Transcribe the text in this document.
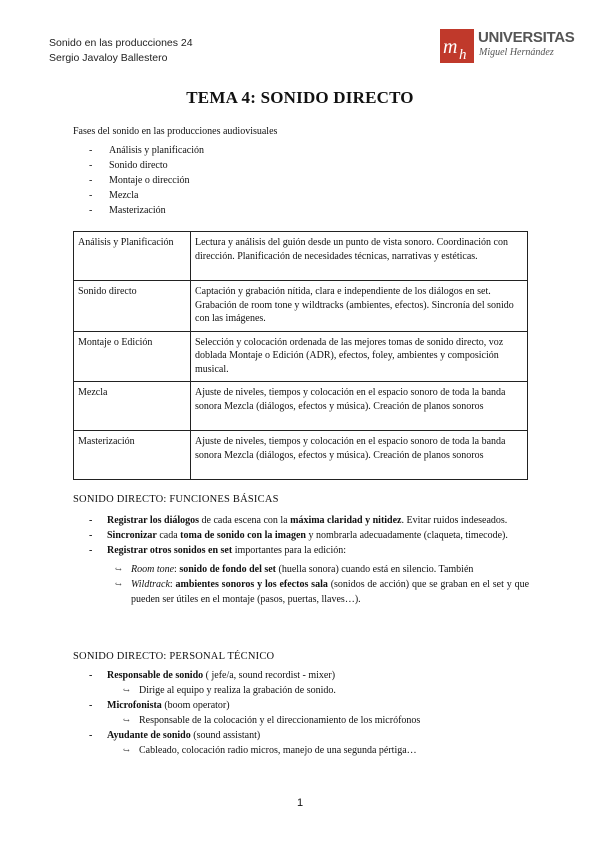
Sonido en las producciones 24
Sergio Javaloy Ballestero	m h
UNIVERSITAS
Miguel Hernández
TEMA 4: SONIDO DIRECTO
Fases del sonido en las producciones audiovisuales
- Análisis y planificación
- Sonido directo
- Montaje o dirección
- Mezcla
- Masterización
Análisis y Planificación	Lectura y análisis del guión desde un punto de vista sonoro. Coordinación con dirección. Planificación de necesidades técnicas, narrativas y estéticas.
Sonido directo	Captación y grabación nítida, clara e independiente de los diálogos en set. Grabación de room tone y wildtracks (ambientes, efectos). Sincronía del sonido con las imágenes.
Montaje o Edición	Selección y colocación ordenada de las mejores tomas de sonido directo, voz doblada Montaje o Edición (ADR), efectos, foley, ambientes y composición musical.
Mezcla	Ajuste de niveles, tiempos y colocación en el espacio sonoro de toda la banda sonora Mezcla (diálogos, efectos y música). Creación de planos sonoros
Masterización	Ajuste de niveles, tiempos y colocación en el espacio sonoro de toda la banda sonora Mezcla (diálogos, efectos y música). Creación de planos sonoros
SONIDO DIRECTO: FUNCIONES BÁSICAS
- Registrar los diálogos de cada escena con la máxima claridad y nitidez. Evitar ruidos indeseados.
- Sincronizar cada toma de sonido con la imagen y nombrarla adecuadamente (claqueta, timecode).
- Registrar otros sonidos en set importantes para la edición:
↪ Room tone: sonido de fondo del set (huella sonora) cuando está en silencio. También
↪ Wildtrack: ambientes sonoros y los efectos sala (sonidos de acción) que se graban en el set y que pueden ser útiles en el montaje (pasos, puertas, llaves…).
SONIDO DIRECTO: PERSONAL TÉCNICO
- Responsable de sonido ( jefe/a, sound recordist - mixer)
↪ Dirige al equipo y realiza la grabación de sonido.
- Microfonista (boom operator)
↪ Responsable de la colocación y el direccionamiento de los micrófonos
- Ayudante de sonido (sound assistant)
↪ Cableado, colocación radio micros, manejo de una segunda pértiga…
1
